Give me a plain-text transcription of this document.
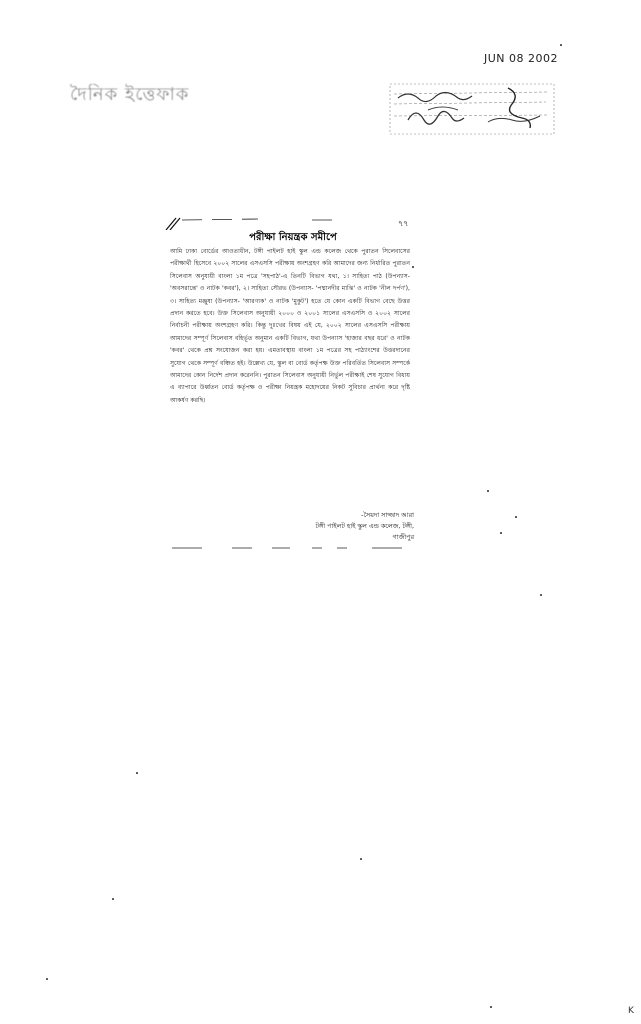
JUN 08 2002
দৈনিক ইত্তেফাক
৭৭
পরীক্ষা নিয়ন্ত্রক সমীপে
আমি ঢাকা বোর্ডের আওতাধীন, টঙ্গী পাইলট হাই স্কুল এন্ড কলেজ থেকে পুরাতন সিলেবাসের পরীক্ষার্থী হিসেবে ২০০২ সালের এসএসসি পরীক্ষায় অংশগ্রহণ করি আমাদের জন্য নির্ধারিত পুরাতন সিলেবাস অনুযায়ী বাংলা ১ম পত্রে 'সহপাঠ'-এ তিনটি বিভাগ যথা, ১। সাহিত্য পাঠ (উপন্যাস- 'অবসরান্তে' ও নাটক 'কবর'), ২। সাহিত্য সৌরভ (উপন্যাস- 'পদ্মানদীর মাঝি' ও নাটক 'নীল দর্পণ'), ৩। সাহিত্য মঞ্জুষা (উপন্যাস- 'আরণ্যক' ও নাটক 'মুকুট') হতে যে কোন একটি বিভাগ বেছে উত্তর প্রদান করতে হবে। উক্ত সিলেবাস অনুযায়ী ২০০০ ও ২০০১ সালের এসএসসি ও ২০০২ সালের নির্বাচনী পরীক্ষায় অংশগ্রহণ করি। কিন্তু দুঃখের বিষয় এই যে, ২০০২ সালের এসএসসি পরীক্ষায় আমাদের সম্পূর্ণ সিলেবাস বহির্ভূত অনুমান একটি বিভাগ, যথা উপন্যাস 'হাজার বছর ধরে' ও নাটক 'কবর' থেকে প্রশ্ন সংযোজন করা হয়। এমতাবস্থায় বাংলা ১ম পত্রের সহ পাঠ্যাংশের উত্তরদানের সুযোগ থেকে সম্পূর্ণ বঞ্চিত হই। উল্লেখ্য যে, স্কুল বা বোর্ড কর্তৃপক্ষ উক্ত পরিবর্তিত সিলেবাস সম্পর্কে আমাদের কোন নির্দেশ প্রদান করেননি। পুরাতন সিলেবাস অনুযায়ী নির্ভুল পরীক্ষাই শেষ সুযোগ বিধায় এ ব্যাপারে উর্ধ্বতন বোর্ড কর্তৃপক্ষ ও পরীক্ষা নিয়ন্ত্রক মহোদয়ের নিকট সুবিচার প্রার্থনা করে দৃষ্টি আকর্ষণ করছি।
-সৈয়দা সাজ্জাদ আরা
টঙ্গী পাইলট হাই স্কুল এন্ড কলেজ, টঙ্গী,
গাজীপুর
K
